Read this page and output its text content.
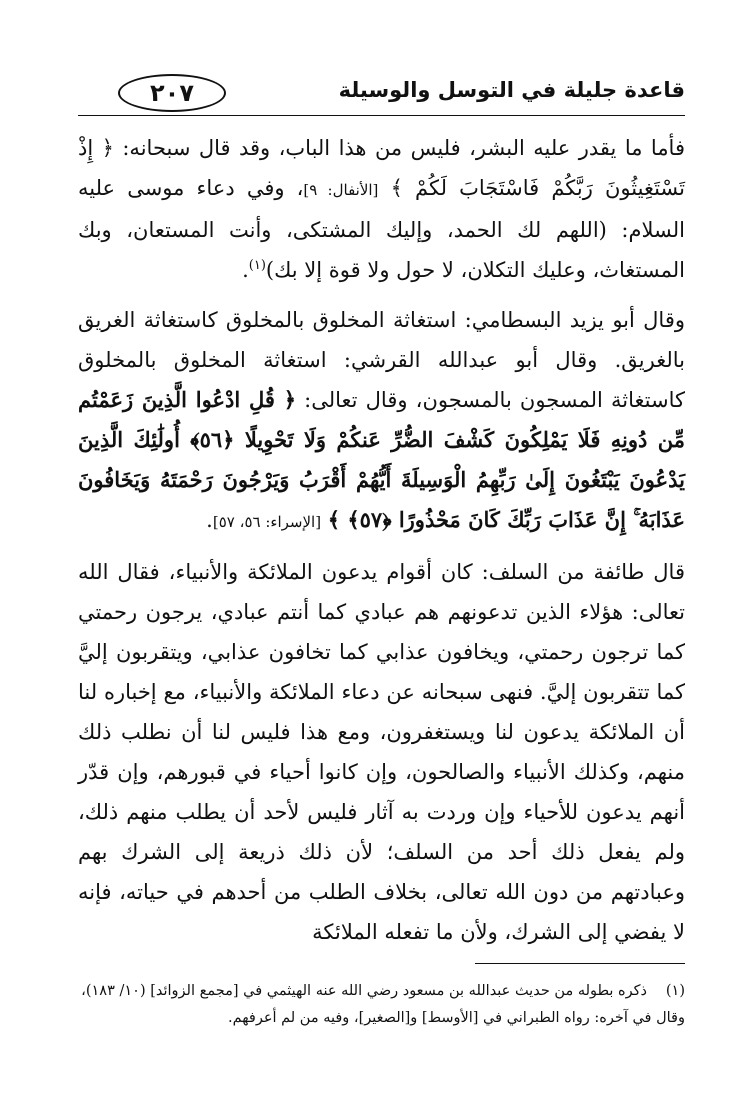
قاعدة جليلة في التوسل والوسيلة
٢٠٧

فأما ما يقدر عليه البشر، فليس من هذا الباب، وقد قال سبحانه: ﴿ إِذْ تَسْتَغِيثُونَ رَبَّكُمْ فَاسْتَجَابَ لَكُمْ ﴾ [الأنفال: ٩]، وفي دعاء موسى عليه السلام: (اللهم لك الحمد، وإليك المشتكى، وأنت المستعان، وبك المستغاث، وعليك التكلان، لا حول ولا قوة إلا بك)$^{(١)}$.

وقال أبو يزيد البسطامي: استغاثة المخلوق بالمخلوق كاستغاثة الغريق بالغريق. وقال أبو عبدالله القرشي: استغاثة المخلوق بالمخلوق كاستغاثة المسجون بالمسجون، وقال تعالى: ﴿ قُلِ ادْعُوا الَّذِينَ زَعَمْتُم مِّن دُونِهِ فَلَا يَمْلِكُونَ كَشْفَ الضُّرِّ عَنكُمْ وَلَا تَحْوِيلًا ﴿٥٦﴾ أُولَٰئِكَ الَّذِينَ يَدْعُونَ يَبْتَغُونَ إِلَىٰ رَبِّهِمُ الْوَسِيلَةَ أَيُّهُمْ أَقْرَبُ وَيَرْجُونَ رَحْمَتَهُ وَيَخَافُونَ عَذَابَهُ ۚ إِنَّ عَذَابَ رَبِّكَ كَانَ مَحْذُورًا ﴿٥٧﴾ ﴾ [الإسراء: ٥٦، ٥٧].

قال طائفة من السلف: كان أقوام يدعون الملائكة والأنبياء، فقال الله تعالى: هؤلاء الذين تدعونهم هم عبادي كما أنتم عبادي، يرجون رحمتي كما ترجون رحمتي، ويخافون عذابي كما تخافون عذابي، ويتقربون إليَّ كما تتقربون إليَّ. فنهى سبحانه عن دعاء الملائكة والأنبياء، مع إخباره لنا أن الملائكة يدعون لنا ويستغفرون، ومع هذا فليس لنا أن نطلب ذلك منهم، وكذلك الأنبياء والصالحون، وإن كانوا أحياء في قبورهم، وإن قدّر أنهم يدعون للأحياء وإن وردت به آثار فليس لأحد أن يطلب منهم ذلك، ولم يفعل ذلك أحد من السلف؛ لأن ذلك ذريعة إلى الشرك بهم وعبادتهم من دون الله تعالى، بخلاف الطلب من أحدهم في حياته، فإنه لا يفضي إلى الشرك، ولأن ما تفعله الملائكة

(١)ذكره بطوله من حديث عبدالله بن مسعود رضي الله عنه الهيثمي في [مجمع الزوائد] (١٠/ ١٨٣)،
وقال في آخره: رواه الطبراني في [الأوسط] و[الصغير]، وفيه من لم أعرفهم.
